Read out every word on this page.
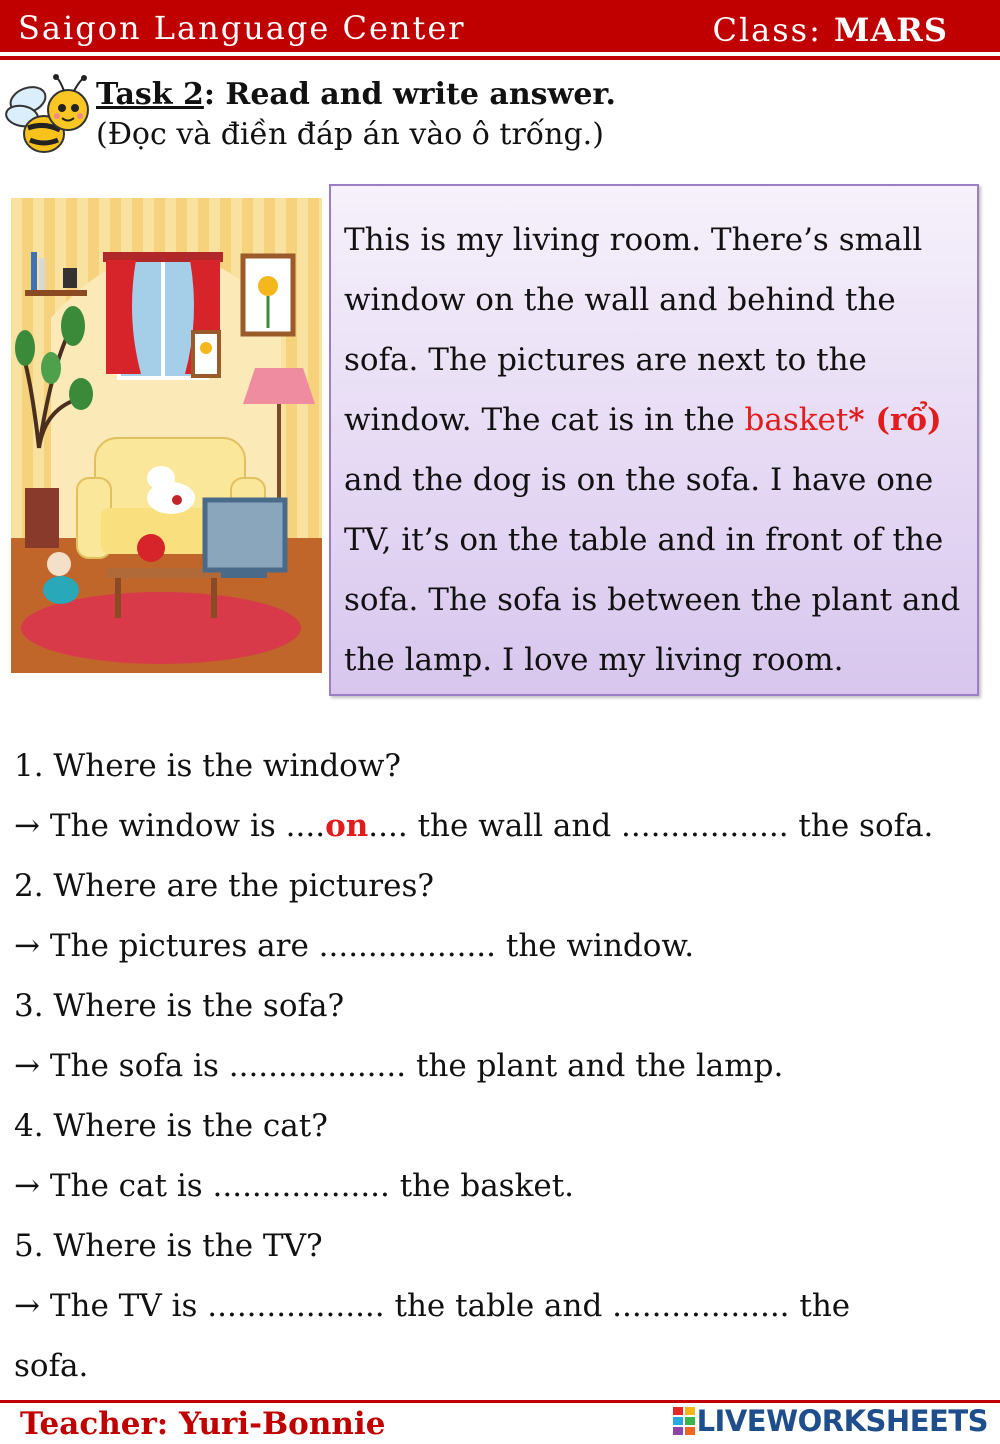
Saigon Language Center	Class: MARS
Task 2: Read and write answer.
(Đọc và điền đáp án vào ô trống.)

This is my living room. There’s small window on the wall and behind the sofa. The pictures are next to the window. The cat is in the basket* (rổ) and the dog is on the sofa. I have one TV, it’s on the table and in front of the sofa. The sofa is between the plant and the lamp. I love my living room.

1. Where is the window?
→ The window is ....on.... the wall and ................. the sofa.
2. Where are the pictures?
→ The pictures are .................. the window.
3. Where is the sofa?
→ The sofa is .................. the plant and the lamp.
4. Where is the cat?
→ The cat is .................. the basket.
5. Where is the TV?
→ The TV is .................. the table and .................. the
sofa.
Teacher: Yuri-Bonnie	LIVEWORKSHEETS
